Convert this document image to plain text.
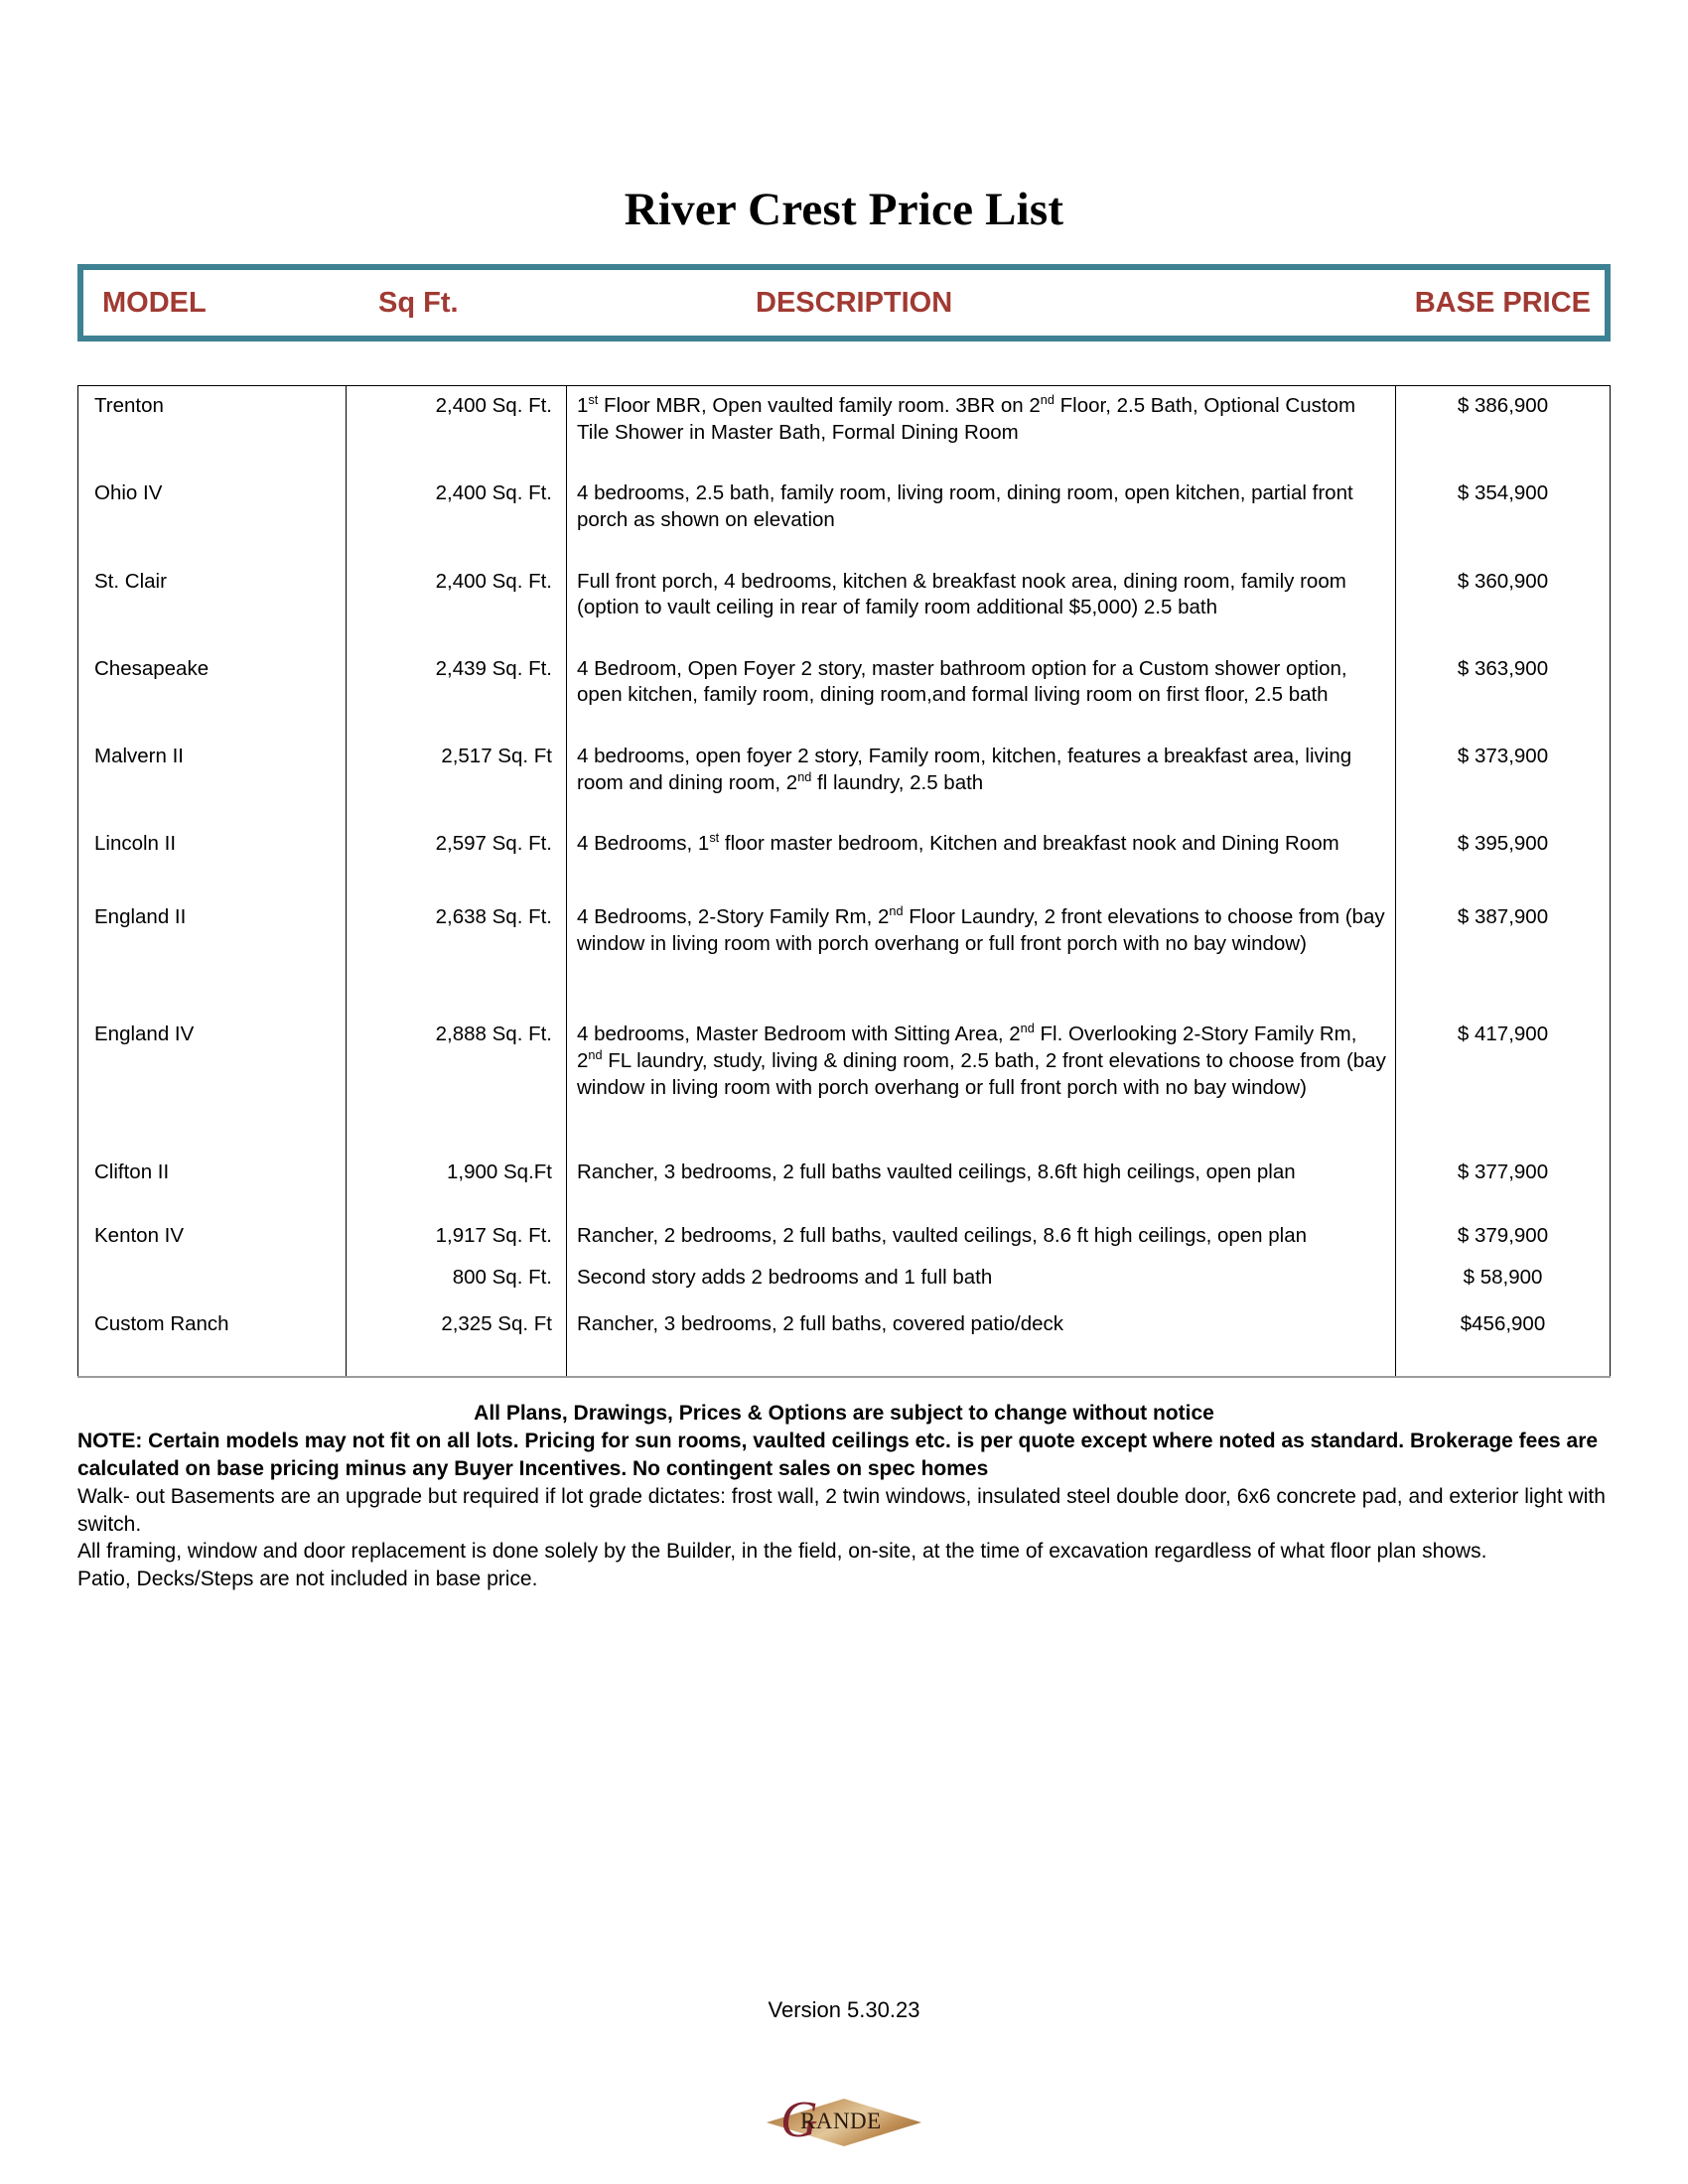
River Crest Price List
MODEL	Sq Ft.	DESCRIPTION	BASE PRICE
Trenton	2,400 Sq. Ft.	1st Floor MBR, Open vaulted family room. 3BR on 2nd Floor, 2.5 Bath, Optional Custom Tile Shower in Master Bath, Formal Dining Room	$ 386,900

Ohio IV	2,400 Sq. Ft.	4 bedrooms, 2.5 bath, family room, living room, dining room, open kitchen, partial front porch as shown on elevation	$ 354,900

St. Clair	2,400 Sq. Ft.	Full front porch, 4 bedrooms, kitchen & breakfast nook area, dining room, family room (option to vault ceiling in rear of family room additional $5,000) 2.5 bath	$ 360,900

Chesapeake	2,439 Sq. Ft.	4 Bedroom, Open Foyer 2 story, master bathroom option for a Custom shower option, open kitchen, family room, dining room,and formal living room on first floor, 2.5 bath	$ 363,900

Malvern II	2,517 Sq. Ft	4 bedrooms, open foyer 2 story, Family room, kitchen, features a breakfast area, living room and dining room, 2nd fl laundry, 2.5 bath	$ 373,900

Lincoln II	2,597 Sq. Ft.	4 Bedrooms, 1st floor master bedroom, Kitchen and breakfast nook and Dining Room	$ 395,900

England II	2,638 Sq. Ft.	4 Bedrooms, 2-Story Family Rm, 2nd Floor Laundry, 2 front elevations to choose from (bay window in living room with porch overhang or full front porch with no bay window)	$ 387,900

England IV	2,888 Sq. Ft.	4 bedrooms, Master Bedroom with Sitting Area, 2nd Fl. Overlooking 2-Story Family Rm, 2nd FL laundry, study, living & dining room, 2.5 bath, 2 front elevations to choose from (bay window in living room with porch overhang or full front porch with no bay window)	$ 417,900

Clifton II	1,900 Sq.Ft	Rancher, 3 bedrooms, 2 full baths vaulted ceilings, 8.6ft high ceilings, open plan	$ 377,900

Kenton IV	1,917 Sq. Ft.	Rancher, 2 bedrooms, 2 full baths, vaulted ceilings, 8.6 ft high ceilings, open plan	$ 379,900

	800 Sq. Ft.	Second story adds 2 bedrooms and 1 full bath	$ 58,900

Custom Ranch	2,325 Sq. Ft	Rancher, 3 bedrooms, 2 full baths, covered patio/deck	$456,900

All Plans, Drawings, Prices & Options are subject to change without notice
NOTE: Certain models may not fit on all lots. Pricing for sun rooms, vaulted ceilings etc. is per quote except where noted as standard. Brokerage fees are calculated on base pricing minus any Buyer Incentives. No contingent sales on spec homes
Walk- out Basements are an upgrade but required if lot grade dictates: frost wall, 2 twin windows, insulated steel double door, 6x6 concrete pad, and exterior light with switch.
All framing, window and door replacement is done solely by the Builder, in the field, on-site, at the time of excavation regardless of what floor plan shows.
Patio, Decks/Steps are not included in base price.
Version 5.30.23
G
RANDE
